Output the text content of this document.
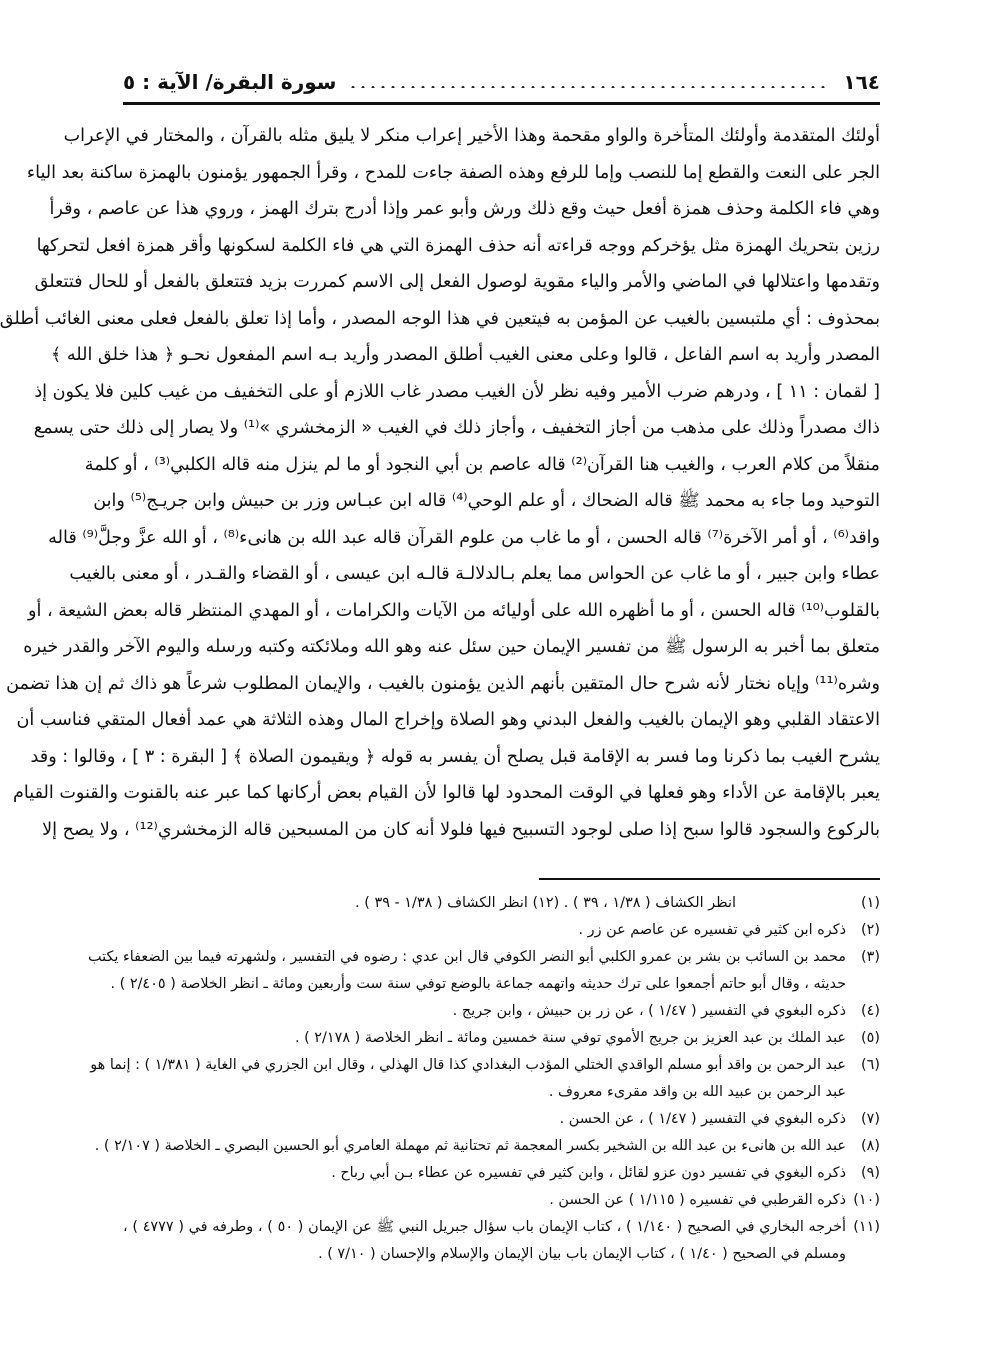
١٦٤
سورة البقرة/ الآية : ٥
أولئك المتقدمة وأولئك المتأخرة والواو مقحمة وهذا الأخير إعراب منكر لا يليق مثله بالقرآن ، والمختار في الإعراب
الجر على النعت والقطع إما للنصب وإما للرفع وهذه الصفة جاءت للمدح ، وقرأ الجمهور يؤمنون بالهمزة ساكنة بعد الياء
وهي فاء الكلمة وحذف همزة أفعل حيث وقع ذلك ورش وأبو عمر وإذا أدرج بترك الهمز ، وروي هذا عن عاصم ، وقرأ
رزين بتحريك الهمزة مثل يؤخركم ووجه قراءته أنه حذف الهمزة التي هي فاء الكلمة لسكونها وأقر همزة افعل لتحركها
وتقدمها واعتلالها في الماضي والأمر والياء مقوية لوصول الفعل إلى الاسم كمررت بزيد فتتعلق بالفعل أو للحال فتتعلق
بمحذوف : أي ملتبسين بالغيب عن المؤمن به فيتعين في هذا الوجه المصدر ، وأما إذا تعلق بالفعل فعلى معنى الغائب أطلق
المصدر وأريد به اسم الفاعل ، قالوا وعلى معنى الغيب أطلق المصدر وأريد بـه اسم المفعول نحـو ﴿ هذا خلق الله ﴾
[ لقمان : ١١ ] ، ودرهم ضرب الأمير وفيه نظر لأن الغيب مصدر غاب اللازم أو على التخفيف من غيب كلين فلا يكون إذ
ذاك مصدراً وذلك على مذهب من أجاز التخفيف ، وأجاز ذلك في الغيب « الزمخشري »⁽¹⁾ ولا يصار إلى ذلك حتى يسمع
منقلاً من كلام العرب ، والغيب هنا القرآن⁽²⁾ قاله عاصم بن أبي النجود أو ما لم ينزل منه قاله الكلبي⁽³⁾ ، أو كلمة
التوحيد وما جاء به محمد ﷺ قاله الضحاك ، أو علم الوحي⁽⁴⁾ قاله ابن عبـاس وزر بن حبيش وابن جريـج⁽⁵⁾ وابن
واقد⁽⁶⁾ ، أو أمر الآخرة⁽⁷⁾ قاله الحسن ، أو ما غاب من علوم القرآن قاله عبد الله بن هانىء⁽⁸⁾ ، أو الله عزَّ وجلَّ⁽⁹⁾ قاله
عطاء وابن جبير ، أو ما غاب عن الحواس مما يعلم بـالدلالـة قالـه ابن عيسى ، أو القضاء والقـدر ، أو معنى بالغيب
بالقلوب⁽¹⁰⁾ قاله الحسن ، أو ما أظهره الله على أوليائه من الآيات والكرامات ، أو المهدي المنتظر قاله بعض الشيعة ، أو
متعلق بما أخبر به الرسول ﷺ من تفسير الإيمان حين سئل عنه وهو الله وملائكته وكتبه ورسله واليوم الآخر والقدر خيره
وشره⁽¹¹⁾ وإياه نختار لأنه شرح حال المتقين بأنهم الذين يؤمنون بالغيب ، والإيمان المطلوب شرعاً هو ذاك ثم إن هذا تضمن
الاعتقاد القلبي وهو الإيمان بالغيب والفعل البدني وهو الصلاة وإخراج المال وهذه الثلاثة هي عمد أفعال المتقي فناسب أن
يشرح الغيب بما ذكرنا وما فسر به الإقامة قبل يصلح أن يفسر به قوله ﴿ ويقيمون الصلاة ﴾ [ البقرة : ٣ ] ، وقالوا : وقد
يعبر بالإقامة عن الأداء وهو فعلها في الوقت المحدود لها قالوا لأن القيام بعض أركانها كما عبر عنه بالقنوت والقنوت القيام
بالركوع والسجود قالوا سبح إذا صلى لوجود التسبيح فيها فلولا أنه كان من المسبحين قاله الزمخشري⁽¹²⁾ ، ولا يصح إلا
(١)
انظر الكشاف ( ١/٣٨ ، ٣٩ ) . (١٢) انظر الكشاف ( ١/٣٨ - ٣٩ ) .
(٢)
ذكره ابن كثير في تفسيره عن عاصم عن زر .
(٣)
محمد بن السائب بن بشر بن عمرو الكلبي أبو النضر الكوفي قال ابن عدي : رضوه في التفسير ، ولشهرته فيما بين الضعفاء يكتب
حديثه ، وقال أبو حاتم أجمعوا على ترك حديثه واتهمه جماعة بالوضع توفي سنة ست وأربعين ومائة ـ انظر الخلاصة ( ٢/٤٠٥ ) .
(٤)
ذكره البغوي في التفسير ( ١/٤٧ ) ، عن زر بن حبيش ، وابن جريج .
(٥)
عبد الملك بن عبد العزيز بن جريج الأموي توفي سنة خمسين ومائة ـ انظر الخلاصة ( ٢/١٧٨ ) .
(٦)
عبد الرحمن بن واقد أبو مسلم الواقدي الختلي المؤدب البغدادي كذا قال الهذلي ، وقال ابن الجزري في الغاية ( ١/٣٨١ ) : إنما هو
عبد الرحمن بن عبيد الله بن واقد مقرىء معروف .
(٧)
ذكره البغوي في التفسير ( ١/٤٧ ) ، عن الحسن .
(٨)
عبد الله بن هانىء بن عبد الله بن الشخير بكسر المعجمة ثم تحتانية ثم مهملة العامري أبو الحسين البصري ـ الخلاصة ( ٢/١٠٧ ) .
(٩)
ذكره البغوي في تفسير دون عزو لقائل ، وابن كثير في تفسيره عن عطاء بـن أبي رباح .
(١٠)
ذكره القرطبي في تفسيره ( ١/١١٥ ) عن الحسن .
(١١)
أخرجه البخاري في الصحيح ( ١/١٤٠ ) ، كتاب الإيمان باب سؤال جبريل النبي ﷺ عن الإيمان ( ٥٠ ) ، وطرفه في ( ٤٧٧٧ ) ،
ومسلم في الصحيح ( ١/٤٠ ) ، كتاب الإيمان باب بيان الإيمان والإسلام والإحسان ( ٧/١٠ ) .
